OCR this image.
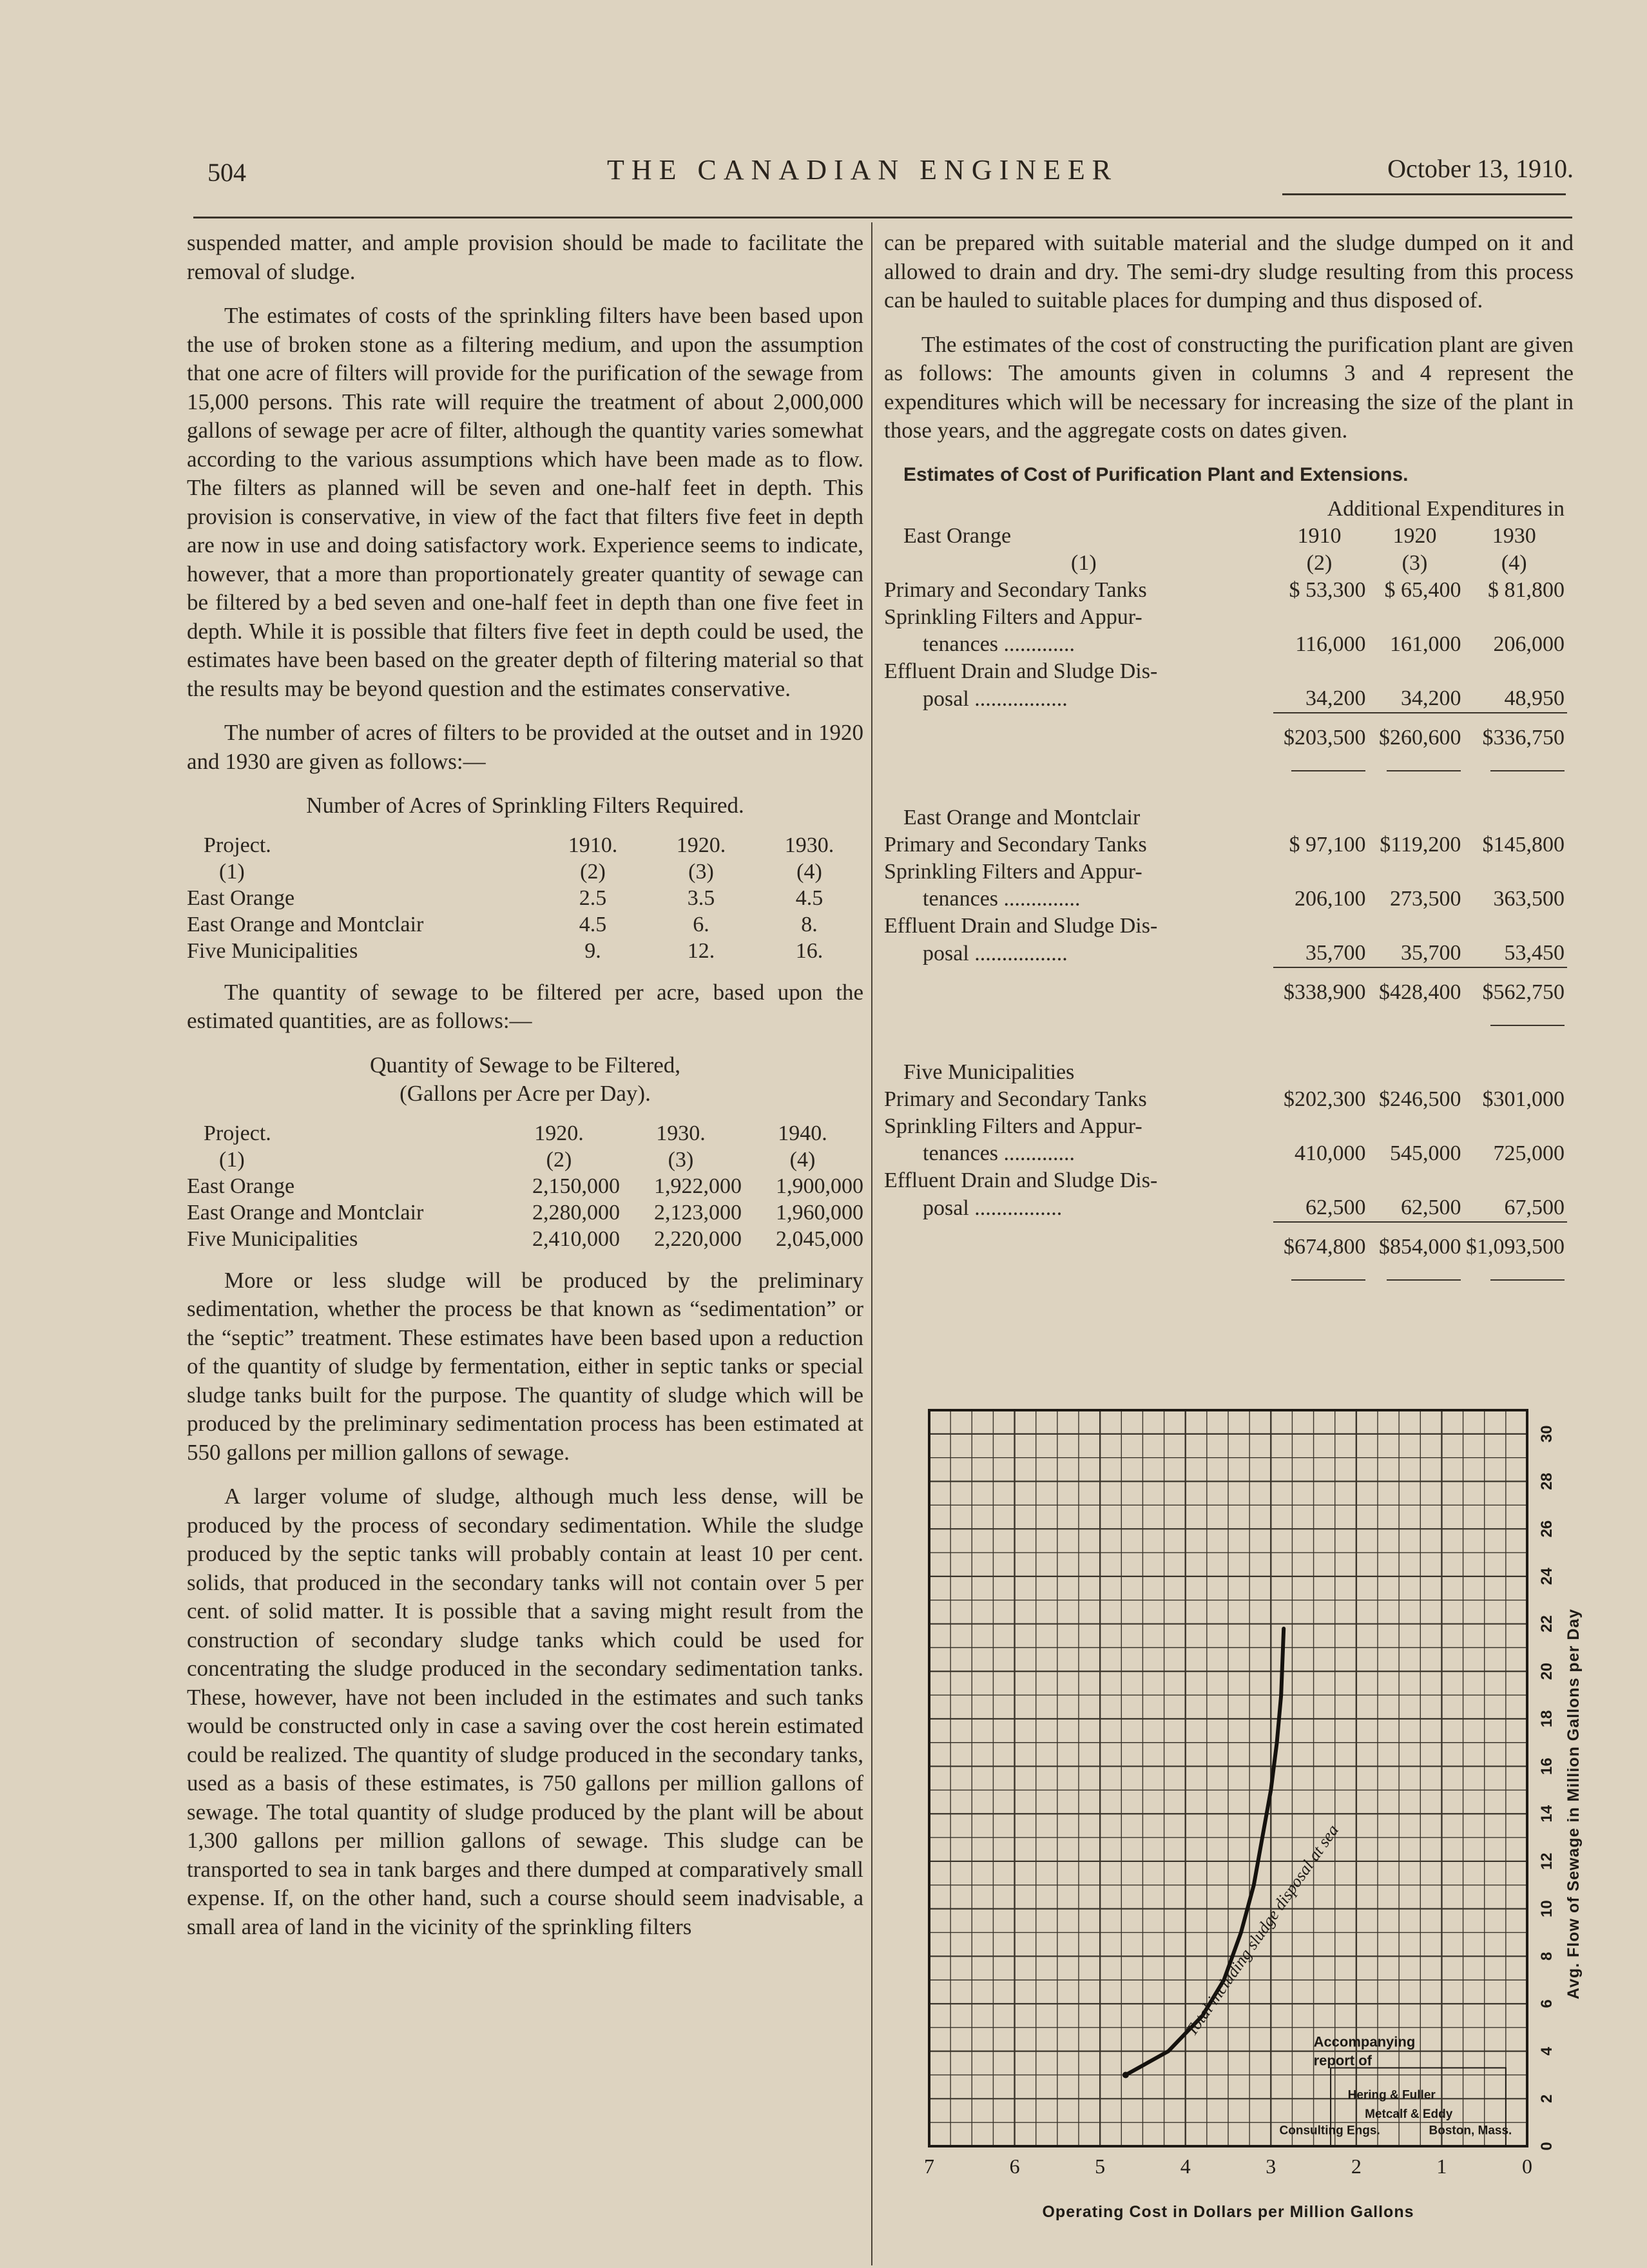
504	THE CANADIAN ENGINEER	October 13, 1910.

suspended matter, and ample provision should be made to facilitate the removal of sludge.

The estimates of costs of the sprinkling filters have been based upon the use of broken stone as a filtering medium, and upon the assumption that one acre of filters will provide for the purification of the sewage from 15,000 persons. This rate will require the treatment of about 2,000,000 gallons of sewage per acre of filter, although the quantity varies somewhat according to the various assumptions which have been made as to flow. The filters as planned will be seven and one-half feet in depth. This provision is conservative, in view of the fact that filters five feet in depth are now in use and doing satisfactory work. Experience seems to indicate, however, that a more than proportionately greater quantity of sewage can be filtered by a bed seven and one-half feet in depth than one five feet in depth. While it is possible that filters five feet in depth could be used, the estimates have been based on the greater depth of filtering material so that the results may be beyond question and the estimates conservative.

The number of acres of filters to be provided at the outset and in 1920 and 1930 are given as follows:—

Number of Acres of Sprinkling Filters Required.
Project.	1910.	1920.	1930.
(1)	(2)	(3)	(4)
East Orange	2.5	3.5	4.5
East Orange and Montclair	4.5	6.	8.
Five Municipalities	9.	12.	16.

The quantity of sewage to be filtered per acre, based upon the estimated quantities, are as follows:—

Quantity of Sewage to be Filtered,
(Gallons per Acre per Day).
Project.	1920.	1930.	1940.
(1)	(2)	(3)	(4)
East Orange	2,150,000	1,922,000	1,900,000
East Orange and Montclair	2,280,000	2,123,000	1,960,000
Five Municipalities	2,410,000	2,220,000	2,045,000

More or less sludge will be produced by the preliminary sedimentation, whether the process be that known as “sedimentation” or the “septic” treatment. These estimates have been based upon a reduction of the quantity of sludge by fermentation, either in septic tanks or special sludge tanks built for the purpose. The quantity of sludge which will be produced by the preliminary sedimentation process has been estimated at 550 gallons per million gallons of sewage.

A larger volume of sludge, although much less dense, will be produced by the process of secondary sedimentation. While the sludge produced by the septic tanks will probably contain at least 10 per cent. solids, that produced in the secondary tanks will not contain over 5 per cent. of solid matter. It is possible that a saving might result from the construction of secondary sludge tanks which could be used for concentrating the sludge produced in the secondary sedimentation tanks. These, however, have not been included in the estimates and such tanks would be constructed only in case a saving over the cost herein estimated could be realized. The quantity of sludge produced in the secondary tanks, used as a basis of these estimates, is 750 gallons per million gallons of sewage. The total quantity of sludge produced by the plant will be about 1,300 gallons per million gallons of sewage. This sludge can be transported to sea in tank barges and there dumped at comparatively small expense. If, on the other hand, such a course should seem inadvisable, a small area of land in the vicinity of the sprinkling filters

can be prepared with suitable material and the sludge dumped on it and allowed to drain and dry. The semi-dry sludge resulting from this process can be hauled to suitable places for dumping and thus disposed of.

The estimates of the cost of constructing the purification plant are given as follows: The amounts given in columns 3 and 4 represent the expenditures which will be necessary for increasing the size of the plant in those years, and the aggregate costs on dates given.

Estimates of Cost of Purification Plant and Extensions.
	Additional Expenditures in		
East Orange	1910	1920	1930
(1)	(2)	(3)	(4)
Primary and Secondary Tanks	$ 53,300	$ 65,400	$ 81,800
Sprinkling Filters and Appur-			
tenances .............	116,000	161,000	206,000
Effluent Drain and Sludge Dis-			
posal .................	34,200	34,200	48,950
	$203,500	$260,600	$336,750

East Orange and Montclair			
Primary and Secondary Tanks	$ 97,100	$119,200	$145,800
Sprinkling Filters and Appur-			
tenances ..............	206,100	273,500	363,500
Effluent Drain and Sludge Dis-			
posal .................	35,700	35,700	53,450
	$338,900	$428,400	$562,750

Five Municipalities			
Primary and Secondary Tanks	$202,300	$246,500	$301,000
Sprinkling Filters and Appur-			
tenances .............	410,000	545,000	725,000
Effluent Drain and Sludge Dis-			
posal ................	62,500	62,500	67,500
	$674,800	$854,000	$1,093,500

Total including sludge disposal at sea
7	6	5	4	3	2	1	0
0
2
4
6
8
10
12
14
16
18
20
22
24
26
28
30
Operating Cost in Dollars per Million Gallons
Avg. Flow of Sewage in Million Gallons per Day
Accompanying
report of
Hering & Fuller
Consulting Engs.
Metcalf & Eddy
Boston, Mass.
